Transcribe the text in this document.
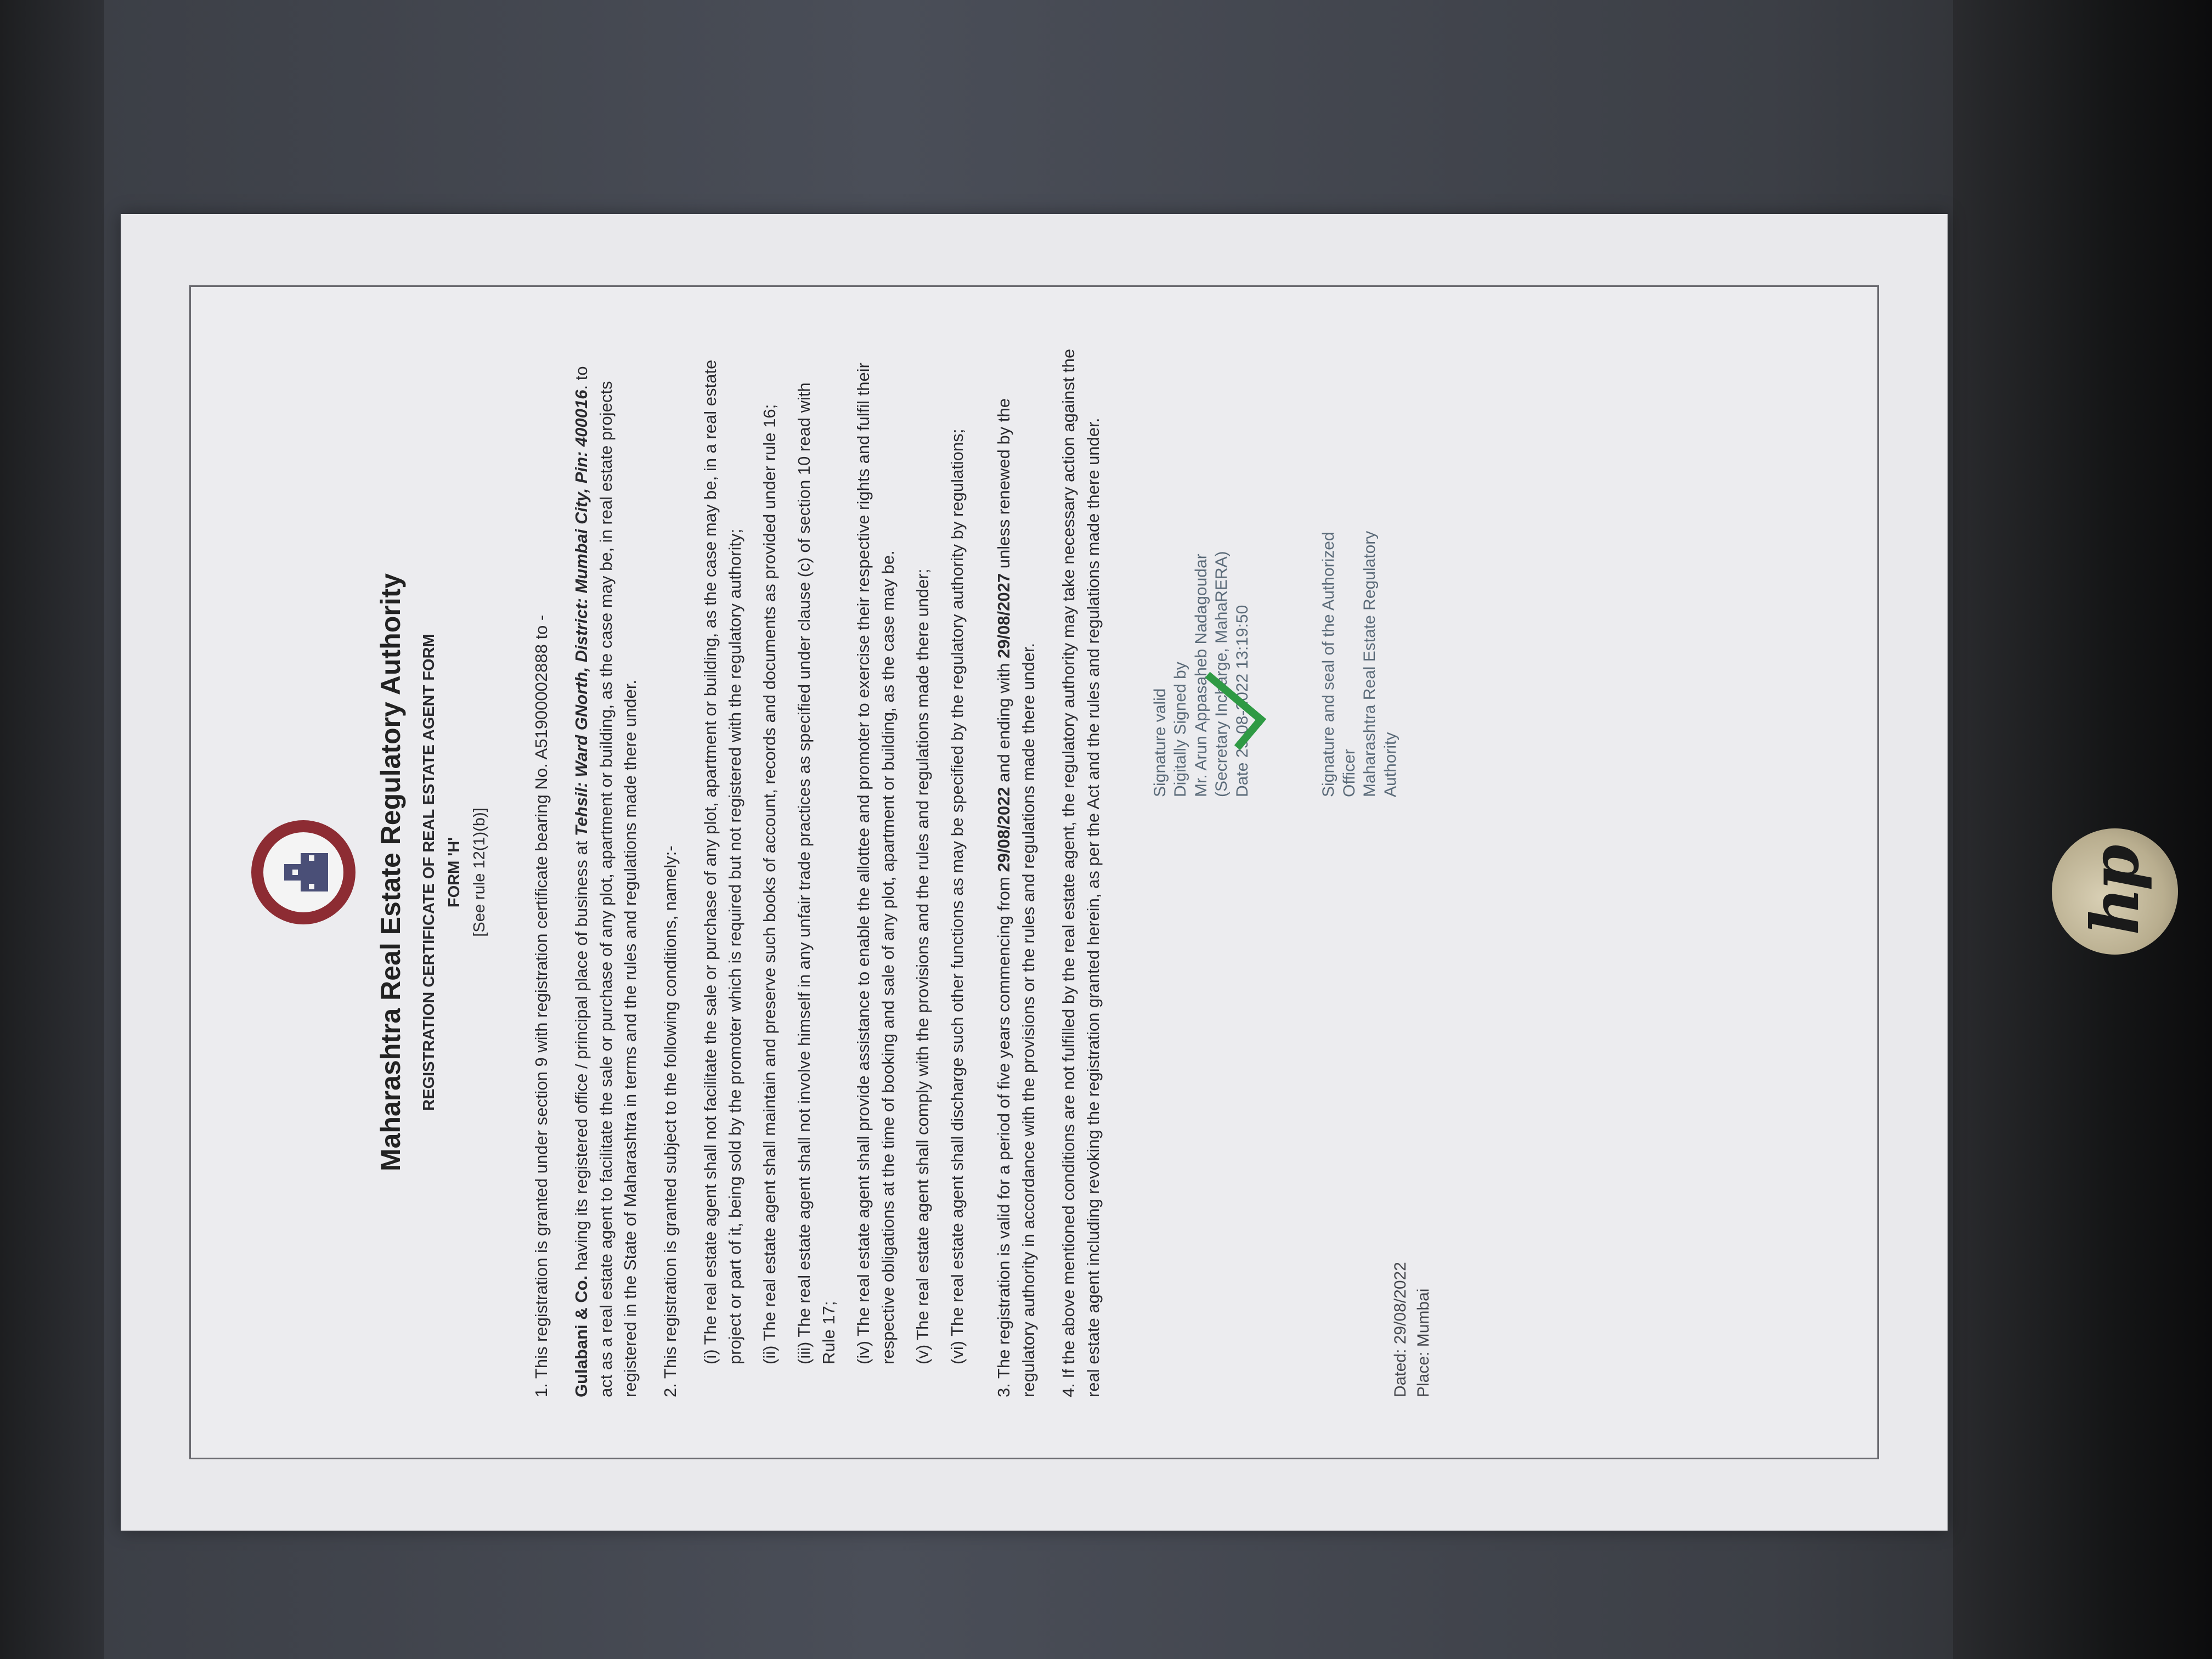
hp
Maharashtra Real Estate Regulatory Authority REGISTRATION CERTIFICATE OF REAL ESTATE AGENT FORM FORM 'H' [See rule 12(1)(b)]	1. This registration is granted under section 9 with registration certificate bearing No. A51900002888 to - Gulabani & Co. having its registered office / principal place of business at Tehsil: Ward GNorth, District: Mumbai City, Pin: 400016. to act as a real estate agent to facilitate the sale or purchase of any plot, apartment or building, as the case may be, in real estate projects registered in the State of Maharashtra in terms and the rules and regulations made there under. 2. This registration is granted subject to the following conditions, namely:- (i) The real estate agent shall not facilitate the sale or purchase of any plot, apartment or building, as the case may be, in a real estate project or part of it, being sold by the promoter which is required but not registered with the regulatory authority; (ii) The real estate agent shall maintain and preserve such books of account, records and documents as provided under rule 16; (iii) The real estate agent shall not involve himself in any unfair trade practices as specified under clause (c) of section 10 read with Rule 17; (iv) The real estate agent shall provide assistance to enable the allottee and promoter to exercise their respective rights and fulfil their respective obligations at the time of booking and sale of any plot, apartment or building, as the case may be. (v) The real estate agent shall comply with the provisions and the rules and regulations made there under; (vi) The real estate agent shall discharge such other functions as may be specified by the regulatory authority by regulations; 3. The registration is valid for a period of five years commencing from 29/08/2022 and ending with 29/08/2027 unless renewed by the regulatory authority in accordance with the provisions or the rules and regulations made there under. 4. If the above mentioned conditions are not fulfilled by the real estate agent, the regulatory authority may take necessary action against the real estate agent including revoking the registration granted herein, as per the Act and the rules and regulations made there under.	Signature valid Digitally Signed by Mr. Arun Appasaheb Nadagoudar (Secretary Incharge, MahaRERA) Date 29-08-2022 13:19:50	Signature and seal of the Authorized Officer Maharashtra Real Estate Regulatory Authority
Dated: 29/08/2022 Place: Mumbai
